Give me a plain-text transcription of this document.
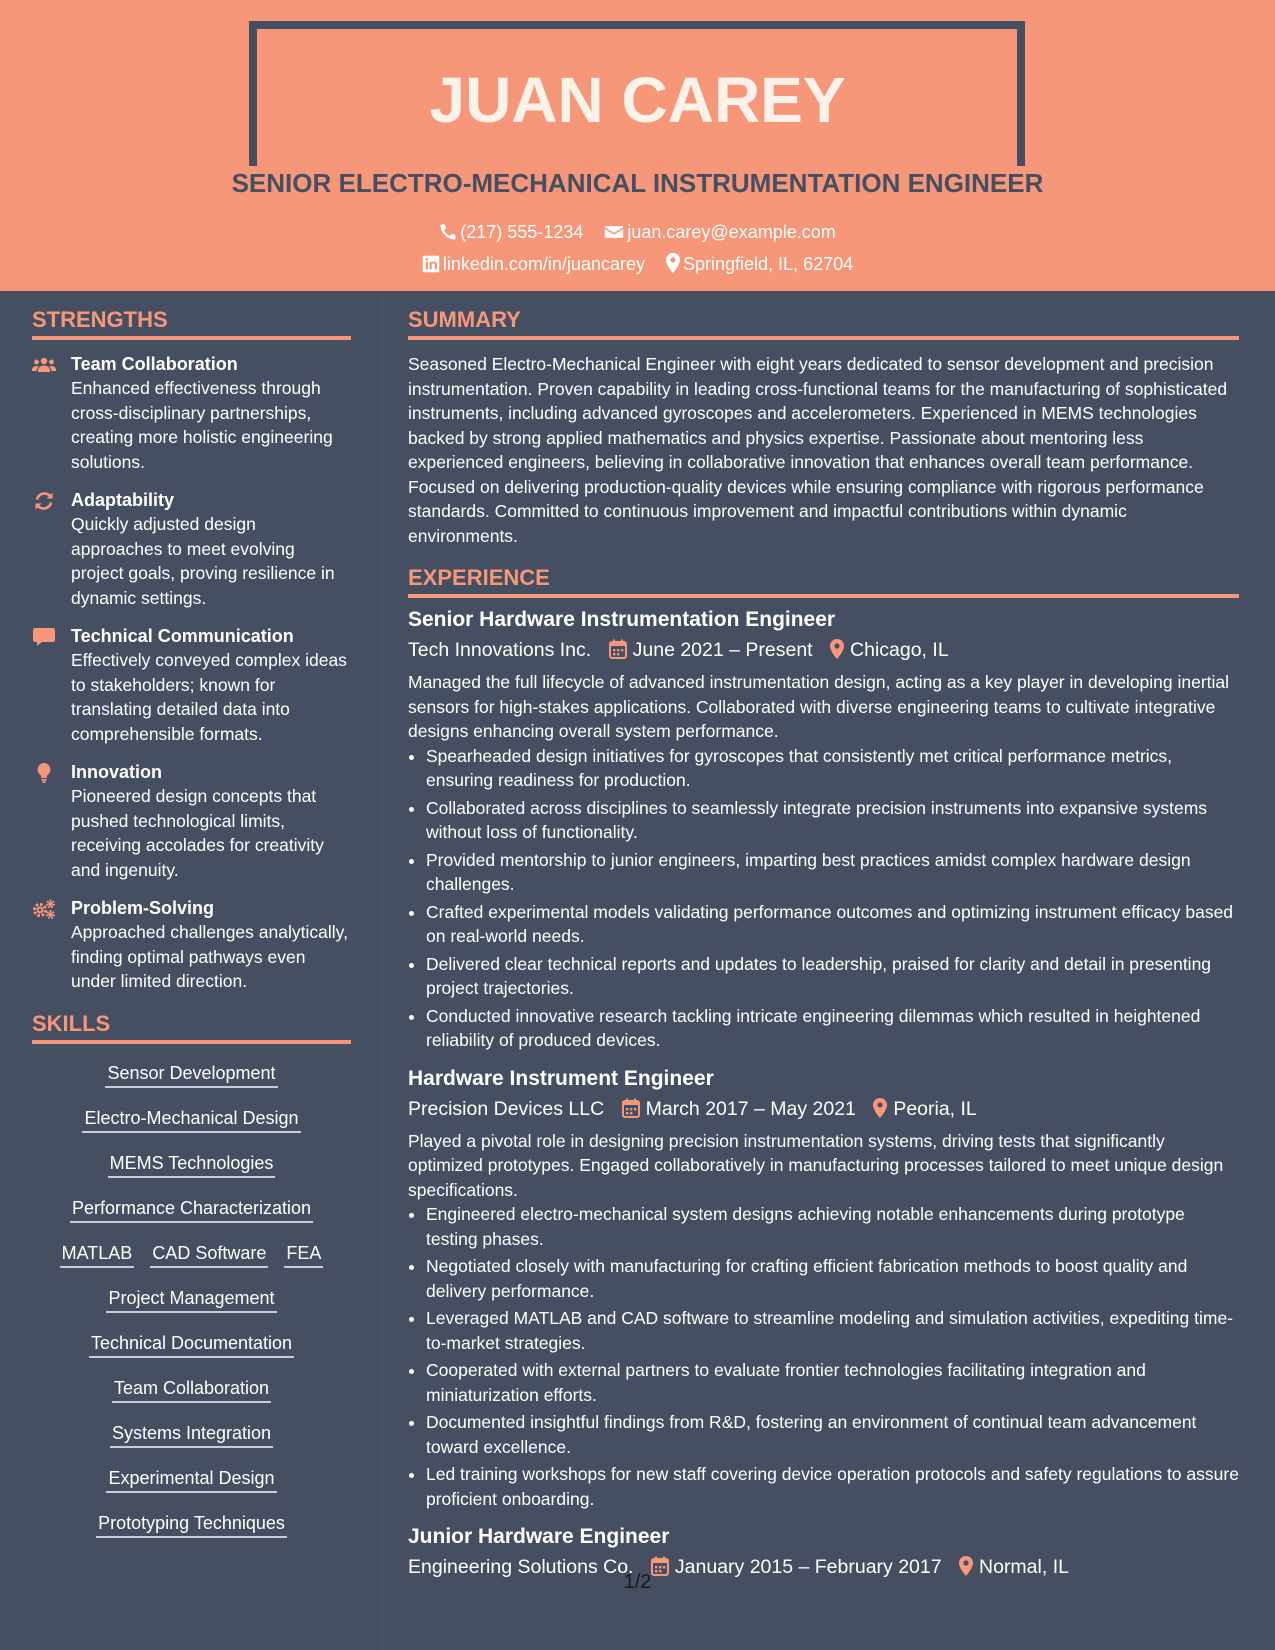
JUAN CAREY
SENIOR ELECTRO-MECHANICAL INSTRUMENTATION ENGINEER
(217) 555-1234 juan.carey@example.com
linkedin.com/in/juancarey Springfield, IL, 62704
STRENGTHS
Team Collaboration
Enhanced effectiveness through cross-disciplinary partnerships, creating more holistic engineering solutions.
Adaptability
Quickly adjusted design approaches to meet evolving project goals, proving resilience in dynamic settings.
Technical Communication
Effectively conveyed complex ideas to stakeholders; known for translating detailed data into comprehensible formats.
Innovation
Pioneered design concepts that pushed technological limits, receiving accolades for creativity and ingenuity.
Problem-Solving
Approached challenges analytically, finding optimal pathways even under limited direction.
SKILLS
Sensor Development
Electro-Mechanical Design
MEMS Technologies
Performance Characterization
MATLAB CAD Software FEA
Project Management
Technical Documentation
Team Collaboration
Systems Integration
Experimental Design
Prototyping Techniques
SUMMARY

Seasoned Electro-Mechanical Engineer with eight years dedicated to sensor development and precision instrumentation. Proven capability in leading cross-functional teams for the manufacturing of sophisticated instruments, including advanced gyroscopes and accelerometers. Experienced in MEMS technologies backed by strong applied mathematics and physics expertise. Passionate about mentoring less experienced engineers, believing in collaborative innovation that enhances overall team performance. Focused on delivering production-quality devices while ensuring compliance with rigorous performance standards. Committed to continuous improvement and impactful contributions within dynamic environments.

EXPERIENCE
Senior Hardware Instrumentation Engineer
Tech Innovations Inc. June 2021 – Present Chicago, IL
Managed the full lifecycle of advanced instrumentation design, acting as a key player in developing inertial sensors for high-stakes applications. Collaborated with diverse engineering teams to cultivate integrative designs enhancing overall system performance.
• Spearheaded design initiatives for gyroscopes that consistently met critical performance metrics, ensuring readiness for production.
• Collaborated across disciplines to seamlessly integrate precision instruments into expansive systems without loss of functionality.
• Provided mentorship to junior engineers, imparting best practices amidst complex hardware design challenges.
• Crafted experimental models validating performance outcomes and optimizing instrument efficacy based on real-world needs.
• Delivered clear technical reports and updates to leadership, praised for clarity and detail in presenting project trajectories.
• Conducted innovative research tackling intricate engineering dilemmas which resulted in heightened reliability of produced devices.
Hardware Instrument Engineer
Precision Devices LLC March 2017 – May 2021 Peoria, IL
Played a pivotal role in designing precision instrumentation systems, driving tests that significantly optimized prototypes. Engaged collaboratively in manufacturing processes tailored to meet unique design specifications.
• Engineered electro-mechanical system designs achieving notable enhancements during prototype testing phases.
• Negotiated closely with manufacturing for crafting efficient fabrication methods to boost quality and delivery performance.
• Leveraged MATLAB and CAD software to streamline modeling and simulation activities, expediting time-to-market strategies.
• Cooperated with external partners to evaluate frontier technologies facilitating integration and miniaturization efforts.
• Documented insightful findings from R&D, fostering an environment of continual team advancement toward excellence.
• Led training workshops for new staff covering device operation protocols and safety regulations to assure proficient onboarding.
Junior Hardware Engineer
Engineering Solutions Co. January 2015 – February 2017 Normal, IL
1/2
